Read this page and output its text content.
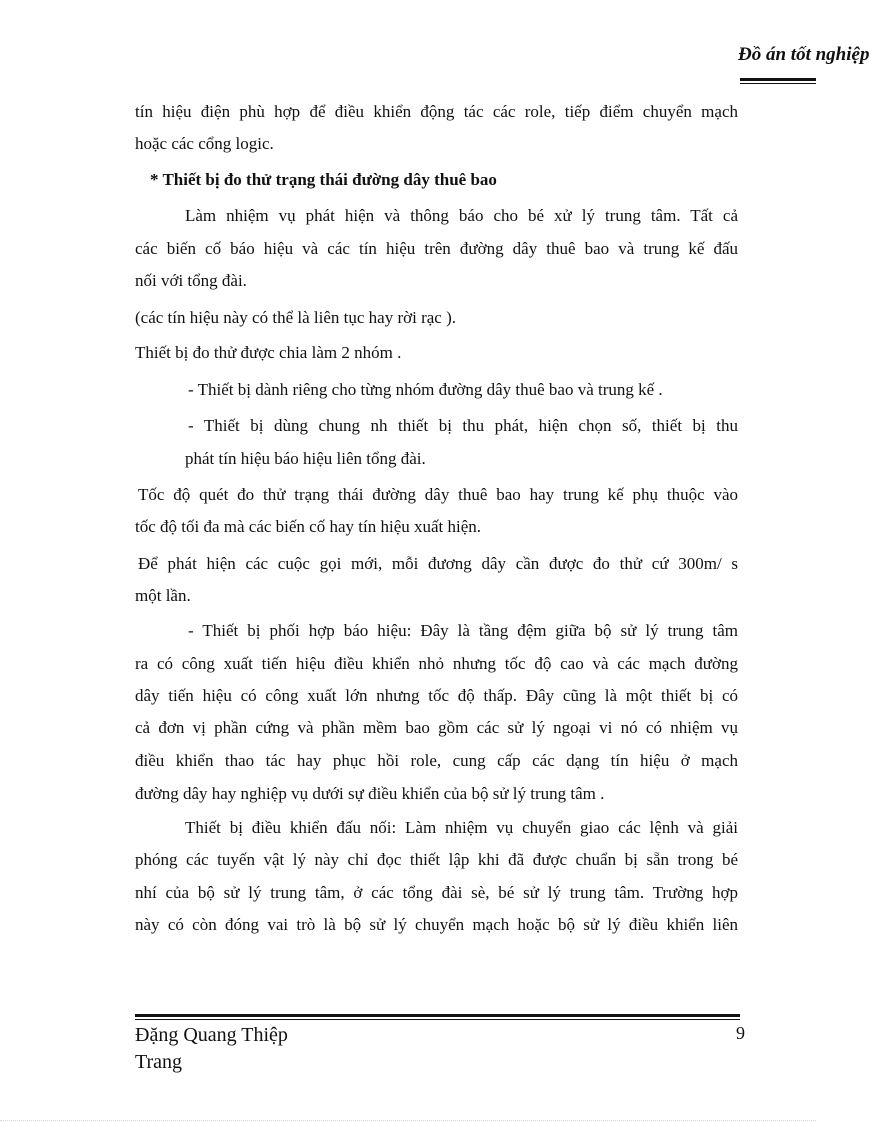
Đồ án tốt nghiệp
tín hiệu điện phù hợp để điều khiển động tác các role, tiếp điểm chuyển mạch
hoặc các cổng logic.
* Thiết bị đo thử trạng thái đường dây thuê bao
Làm nhiệm vụ phát hiện và thông báo cho bé xử lý trung tâm. Tất cả
các biến cố báo hiệu và các tín hiệu trên đường dây thuê bao và trung kế đấu
nối với tổng đài.
(các tín hiệu này có thể là liên tục hay rời rạc ).
Thiết bị đo thử được chia làm 2 nhóm .
- Thiết bị dành riêng cho từng nhóm đường dây thuê bao và trung kế .
- Thiết bị dùng chung nh thiết bị thu phát, hiện chọn số, thiết bị thu
phát tín hiệu báo hiệu liên tổng đài.
Tốc độ quét đo thử trạng thái đường dây thuê bao hay trung kế phụ thuộc vào
tốc độ tối đa mà các biến cố hay tín hiệu xuất hiện.
Để phát hiện các cuộc gọi mới, mỗi đương dây cần được đo thử cứ 300m/ s
một lần.
- Thiết bị phối hợp báo hiệu: Đây là tầng đệm giữa bộ sử lý trung tâm
ra có công xuất tiến hiệu điều khiển nhỏ nhưng tốc độ cao và các mạch đường
dây tiến hiệu có công xuất lớn nhưng tốc độ thấp. Đây cũng là một thiết bị có
cả đơn vị phần cứng và phần mềm bao gồm các sử lý ngoại vi nó có nhiệm vụ
điều khiển thao tác hay phục hồi role, cung cấp các dạng tín hiệu ở mạch
đường dây hay nghiệp vụ dưới sự điều khiển của bộ sử lý trung tâm .
Thiết bị điều khiển đấu nối: Làm nhiệm vụ chuyển giao các lệnh và giải
phóng các tuyến vật lý này chỉ đọc thiết lập khi đã được chuẩn bị sẵn trong bé
nhí của bộ sử lý trung tâm, ở các tổng đài sè, bé sử lý trung tâm. Trường hợp
này có còn đóng vai trò là bộ sử lý chuyển mạch hoặc bộ sử lý điều khiển liên
Đặng Quang Thiệp
Trang
9
